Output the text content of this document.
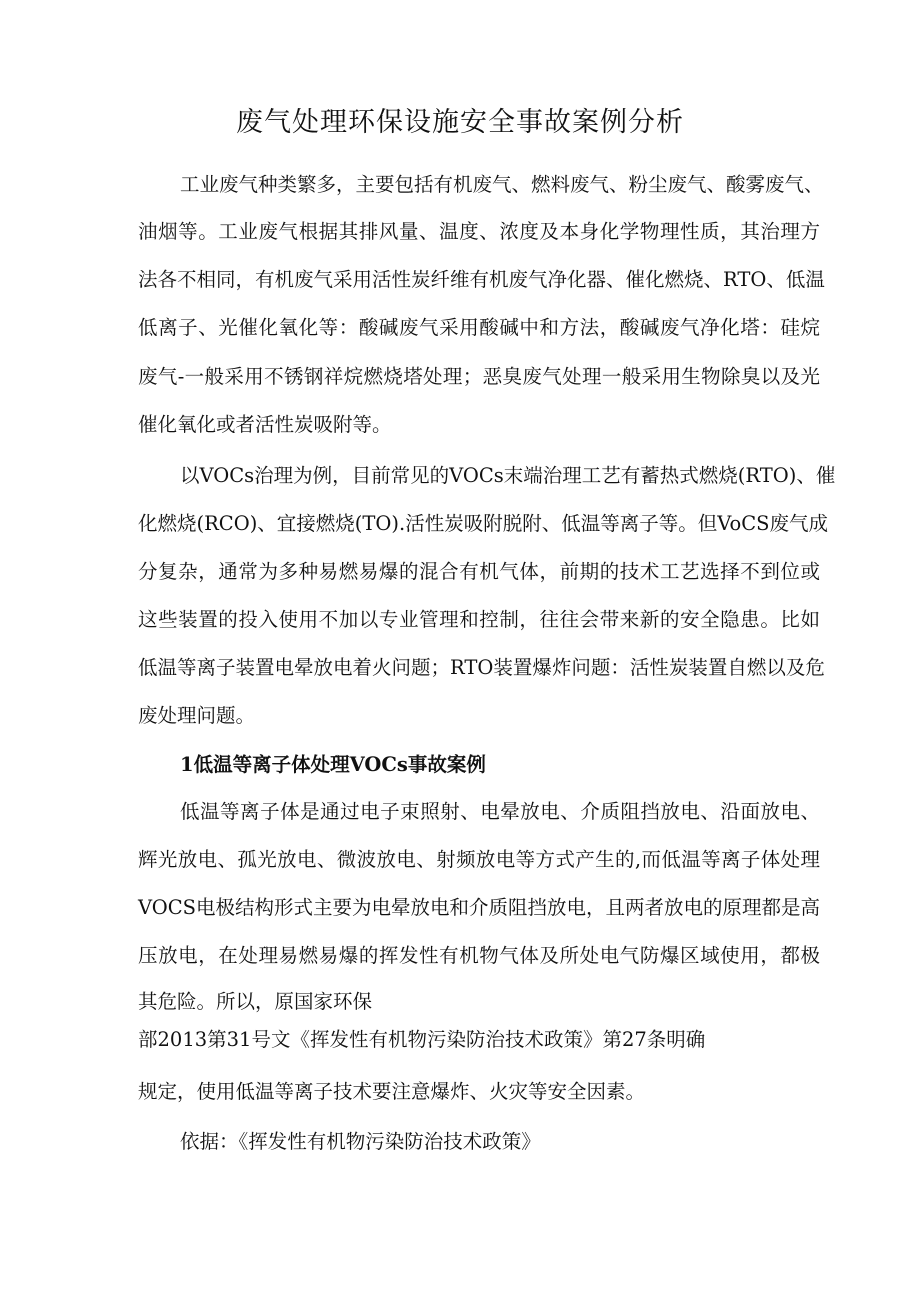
废气处理环保设施安全事故案例分析
工业废气种类繁多，主要包括有机废气、燃料废气、粉尘废气、酸雾废气、
油烟等。工业废气根据其排风量、温度、浓度及本身化学物理性质，其治理方
法各不相同，有机废气采用活性炭纤维有机废气净化器、催化燃烧、RTO、低温
低离子、光催化氧化等：酸碱废气采用酸碱中和方法，酸碱废气净化塔：硅烷
废气-一般采用不锈钢祥烷燃烧塔处理；恶臭废气处理一般采用生物除臭以及光
催化氧化或者活性炭吸附等。
以VOCs治理为例，目前常见的VOCs末端治理工艺有蓄热式燃烧(RTO)、催
化燃烧(RCO)、宜接燃烧(TO).活性炭吸附脱附、低温等离子等。但VoCS废气成
分复杂，通常为多种易燃易爆的混合有机气体，前期的技术工艺选择不到位或
这些装置的投入使用不加以专业管理和控制，往往会带来新的安全隐患。比如
低温等离子装置电晕放电着火问题；RTO装置爆炸问题：活性炭装置自燃以及危
废处理问题。
1低温等离子体处理VOCs事故案例
低温等离子体是通过电子束照射、电晕放电、介质阻挡放电、沿面放电、
辉光放电、孤光放电、微波放电、射频放电等方式产生的,而低温等离子体处理
VOCS电极结构形式主要为电晕放电和介质阻挡放电，且两者放电的原理都是高
压放电，在处理易燃易爆的挥发性有机物气体及所处电气防爆区域使用，都极
其危险。所以，原国家环保
部2013第31号文《挥发性有机物污染防治技术政策》第27条明确
规定，使用低温等离子技术要注意爆炸、火灾等安全因素。
依据：《挥发性有机物污染防治技术政策》
